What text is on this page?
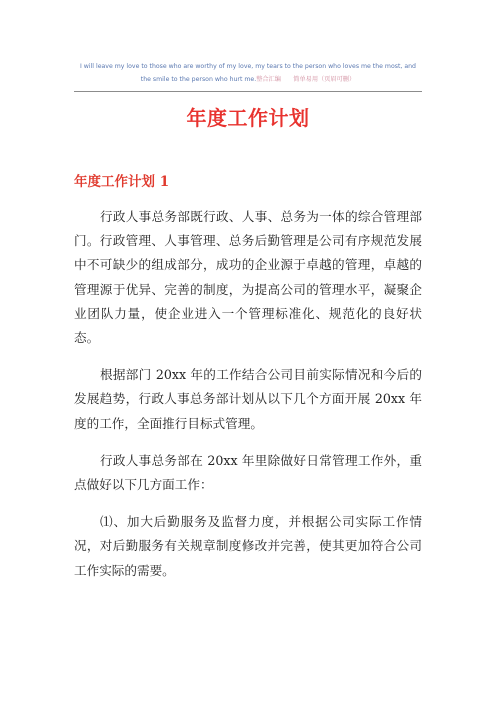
I will leave my love to those who are worthy of my love, my tears to the person who loves me the most, and the smile to the person who hurt me.整合汇编　　简单易用（页眉可删）
年度工作计划
年度工作计划 1

行政人事总务部既行政、人事、总务为一体的综合管理部门。行政管理、人事管理、总务后勤管理是公司有序规范发展中不可缺少的组成部分，成功的企业源于卓越的管理，卓越的管理源于优异、完善的制度，为提高公司的管理水平，凝聚企业团队力量，使企业进入一个管理标准化、规范化的良好状态。

根据部门 20xx 年的工作结合公司目前实际情况和今后的发展趋势，行政人事总务部计划从以下几个方面开展 20xx 年度的工作，全面推行目标式管理。

行政人事总务部在 20xx 年里除做好日常管理工作外，重点做好以下几方面工作：

⑴、加大后勤服务及监督力度，并根据公司实际工作情况，对后勤服务有关规章制度修改并完善，使其更加符合公司工作实际的需要。
